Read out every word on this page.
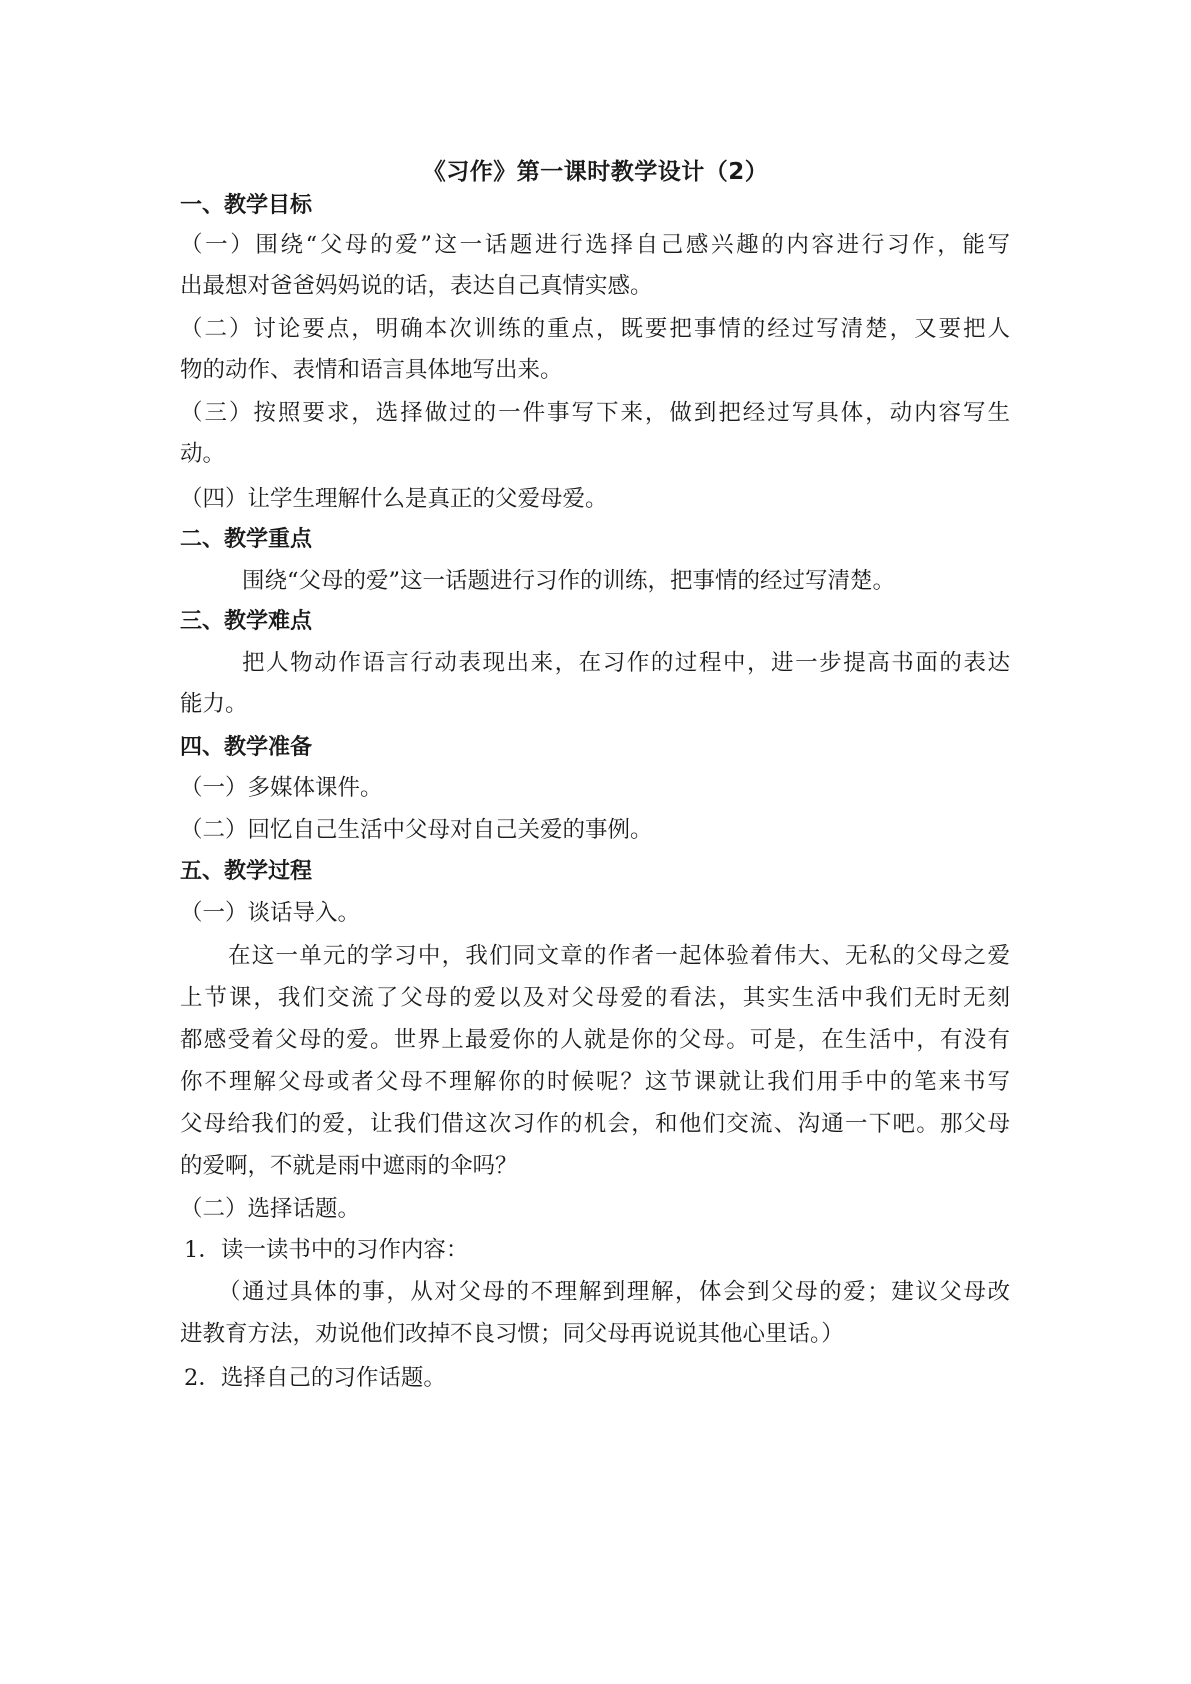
《习作》第一课时教学设计（2）
一、教学目标
（一）围绕“父母的爱”这一话题进行选择自己感兴趣的内容进行习作，能写
出最想对爸爸妈妈说的话，表达自己真情实感。
（二）讨论要点，明确本次训练的重点，既要把事情的经过写清楚，又要把人
物的动作、表情和语言具体地写出来。
（三）按照要求，选择做过的一件事写下来，做到把经过写具体，动内容写生
动。
（四）让学生理解什么是真正的父爱母爱。
二、教学重点
围绕“父母的爱”这一话题进行习作的训练，把事情的经过写清楚。
三、教学难点
把人物动作语言行动表现出来，在习作的过程中，进一步提高书面的表达
能力。
四、教学准备
（一）多媒体课件。
（二）回忆自己生活中父母对自己关爱的事例。
五、教学过程
（一）谈话导入。
在这一单元的学习中，我们同文章的作者一起体验着伟大、无私的父母之爱
上节课，我们交流了父母的爱以及对父母爱的看法，其实生活中我们无时无刻
都感受着父母的爱。世界上最爱你的人就是你的父母。可是，在生活中，有没有
你不理解父母或者父母不理解你的时候呢？这节课就让我们用手中的笔来书写
父母给我们的爱，让我们借这次习作的机会，和他们交流、沟通一下吧。那父母
的爱啊，不就是雨中遮雨的伞吗？
（二）选择话题。
1．读一读书中的习作内容：
（通过具体的事，从对父母的不理解到理解，体会到父母的爱；建议父母改
进教育方法，劝说他们改掉不良习惯；同父母再说说其他心里话。）
2．选择自己的习作话题。
